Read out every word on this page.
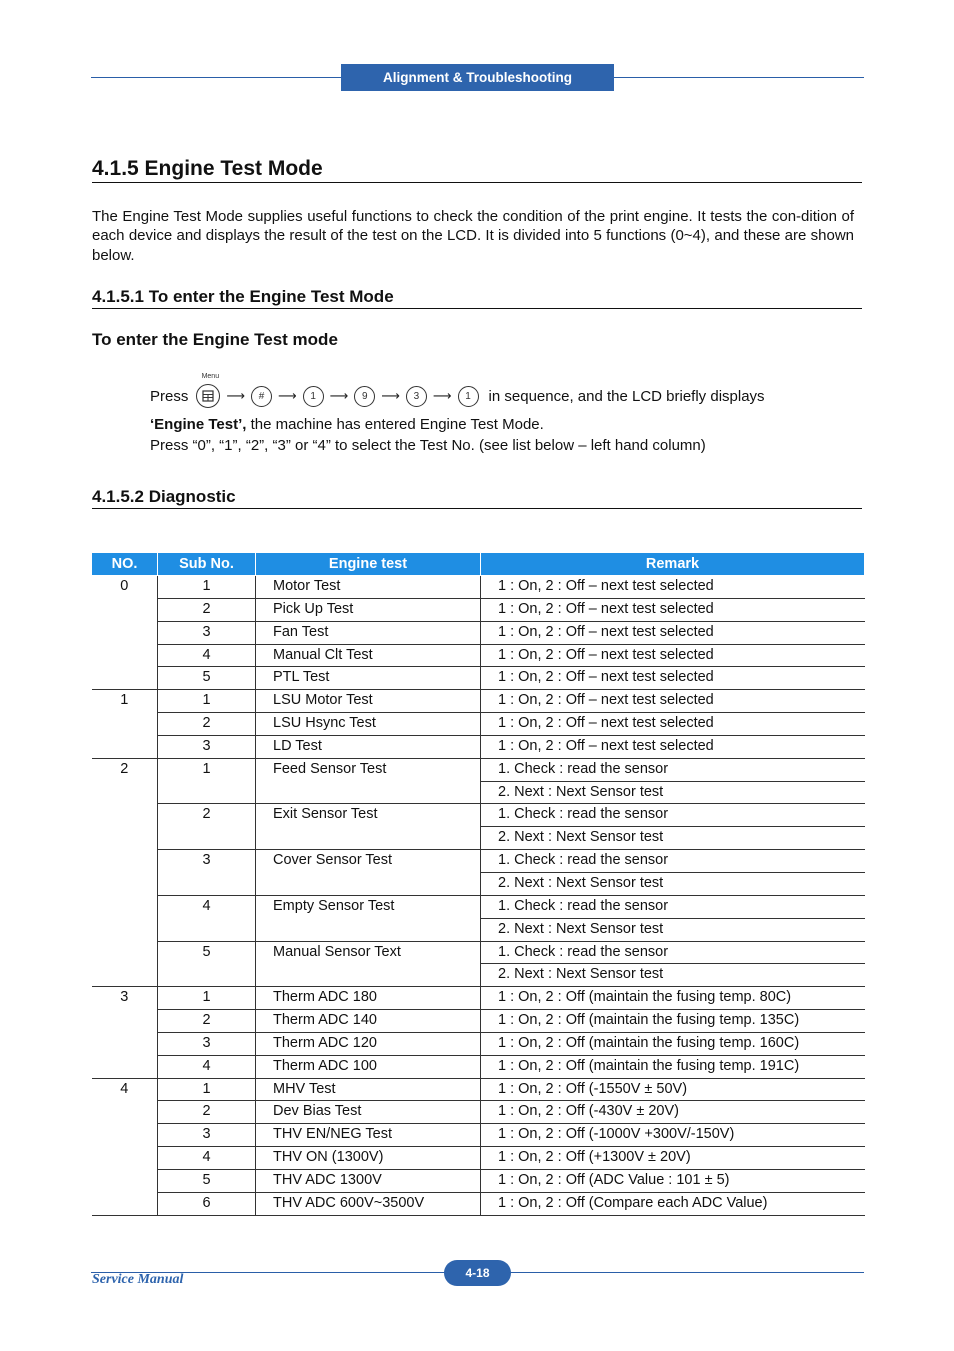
Alignment & Troubleshooting
4.1.5 Engine Test Mode

The Engine Test Mode supplies useful functions to check the condition of the print engine. It tests the con-dition of each device and displays the result of the test on the LCD. It is divided into 5 functions (0~4), and these are shown below.

4.1.5.1 To enter the Engine Test Mode
To enter the Engine Test mode
Press
Menu
⟶	#	⟶	1	⟶	9	⟶	3	⟶	1	in sequence, and the LCD briefly displays
‘Engine Test’, the machine has entered Engine Test Mode.
Press “0”, “1”, “2”, “3” or “4” to select the Test No. (see list below – left hand column)
4.1.5.2 Diagnostic
NO.	Sub No.	Engine test	Remark
0	1	Motor Test	1 : On, 2 : Off – next test selected
	2	Pick Up Test	1 : On, 2 : Off – next test selected
	3	Fan Test	1 : On, 2 : Off – next test selected
	4	Manual Clt Test	1 : On, 2 : Off – next test selected
	5	PTL Test	1 : On, 2 : Off – next test selected
1	1	LSU Motor Test	1 : On, 2 : Off – next test selected
	2	LSU Hsync Test	1 : On, 2 : Off – next test selected
	3	LD Test	1 : On, 2 : Off – next test selected
2	1	Feed Sensor Test	1. Check : read the sensor
			2. Next : Next Sensor test
	2	Exit Sensor Test	1. Check : read the sensor
			2. Next : Next Sensor test
	3	Cover Sensor Test	1. Check : read the sensor
			2. Next : Next Sensor test
	4	Empty Sensor Test	1. Check : read the sensor
			2. Next : Next Sensor test
	5	Manual Sensor Text	1. Check : read the sensor
			2. Next : Next Sensor test
3	1	Therm ADC 180	1 : On, 2 : Off (maintain the fusing temp. 80C)
	2	Therm ADC 140	1 : On, 2 : Off (maintain the fusing temp. 135C)
	3	Therm ADC 120	1 : On, 2 : Off (maintain the fusing temp. 160C)
	4	Therm ADC 100	1 : On, 2 : Off (maintain the fusing temp. 191C)
4	1	MHV Test	1 : On, 2 : Off (-1550V ± 50V)
	2	Dev Bias Test	1 : On, 2 : Off (-430V ± 20V)
	3	THV EN/NEG Test	1 : On, 2 : Off (-1000V +300V/-150V)
	4	THV ON (1300V)	1 : On, 2 : Off (+1300V ± 20V)
	5	THV ADC 1300V	1 : On, 2 : Off (ADC Value : 101 ± 5)
	6	THV ADC 600V~3500V	1 : On, 2 : Off (Compare each ADC Value)
Service Manual	4-18
